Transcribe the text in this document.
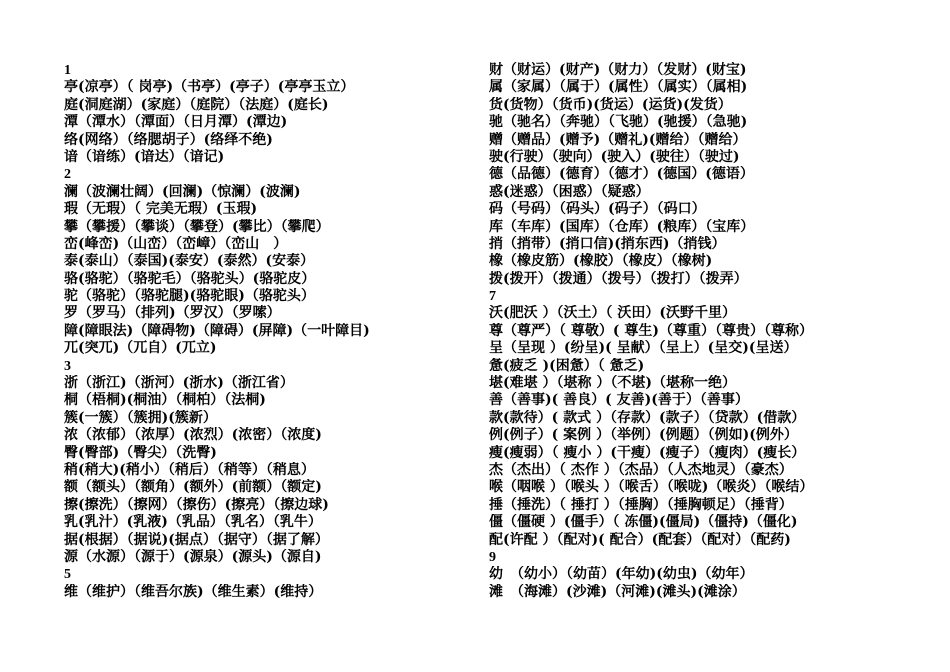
1
亭(凉亭）（ 岗亭)（书亭）(亭子）(亭亭玉立）
庭(洞庭湖）(家庭）（庭院）（法庭）(庭长)
潭（潭水）（潭面）（日月潭）(潭边)
络(网络）（络腮胡子）(络绎不绝)
谙（谙练）(谙达）（谙记)
2
澜（波澜壮阔）(回澜)（惊澜）(波澜)
瑕（无瑕）（ 完美无瑕）(玉瑕)
攀（攀援）（攀谈）（攀登）(攀比）（攀爬）
峦(峰峦)（山峦）（峦嶂）（峦山　）
泰(泰山）（泰国)(泰安）(泰然）(安泰）
骆(骆驼）（骆驼毛）（骆驼头）(骆驼皮）
驼（骆驼）（骆驼腿)(骆驼眼)（骆驼头）
罗（罗马）（排列)（罗汉）（罗嗦）
障(障眼法)（障碍物)（障碍）(屏障)（一叶障目)
兀(突兀)（兀自）(兀立)
3
浙（浙江)（浙河）(浙水)（浙江省）
桐（梧桐)(桐油）（桐柏）（法桐)
簇(一簇）（簇拥)(簇新）
浓（浓郁）（浓厚）(浓烈）(浓密）（浓度)
臀(臀部)（臀尖）（洗臀)
稍(稍大)(稍小）（稍后）（稍等）（稍息）
额（额头）（额角）(额外）(前额）（额定)
擦(擦洗）（擦网）（擦伤）(擦亮）（擦边球)
乳(乳汁）(乳液)（乳品）（乳名）（乳牛）
据(根据）（据说)(据点）（据守）（据了解）
源（水源）（源于）(源泉）(源头)（源自)
5
维（维护）（维吾尔族)（维生素）(维持）
财（财运）(财产)（财力）（发财）(财宝)
属（家属）（属于）(属性）（属实）（属相)
货(货物）（货币)(货运）(运货)(发货）
驰（驰名）（奔驰）（飞驰）(驰援）（急驰)
赠（赠品）(赠予)（赠礼)(赠给）（赠给）
驶(行驶）（驶向）(驶入）(驶往）（驶过)
德（品德）(德育）（德才）(德国）(德语）
惑(迷惑）（困惑）（疑惑）
码（号码）（码头）(码子）（码口）
库（车库）(国库）（仓库）(粮库）（宝库）
捎（捎带）(捎口信)(捎东西)（捎钱）
橡（橡皮筋）(橡胶）（橡皮）（橡树)
拨(拨开）（拨通）（拨号）（拨打）（拨弄）
7
沃(肥沃 ）（沃土）（ 沃田）(沃野千里）
尊（尊严）（ 尊敬）( 尊生)（尊重）（尊贵）（尊称）
呈（呈现 ）(纷呈)( 呈献）（呈上）(呈交)(呈送）
惫(疲乏 )(困惫）（ 惫乏)
堪(难堪 ）（堪称 ）（不堪)（堪称一绝）
善（善事)( 善良）( 友善)(善于）（善事）
款(款待）( 款式 ）（存款）(款子）（贷款）(借款）
例(例子）( 案例 ）（举例）(例题）（例如)(例外）
瘦(瘦弱）（ 瘦小 ）(干瘦）(瘦子）（瘦肉）(瘦长）
杰（杰出）（ 杰作 ）（杰品）（人杰地灵）（豪杰）
喉（咽喉 ）（喉头 ）（喉舌）（喉咙)（喉炎）（喉结）
捶（捶洗）（ 捶打 ）（捶胸）（捶胸顿足）（捶背）
僵（僵硬 ）(僵手）（ 冻僵)(僵局)（僵持)（僵化)
配(许配 ）（配对)( 配合）(配套）（配对）（配药)
9
幼　（幼小）（幼苗）(年幼)(幼虫)（幼年）
滩　（海滩）(沙滩)（河滩)(滩头)(滩涂）
